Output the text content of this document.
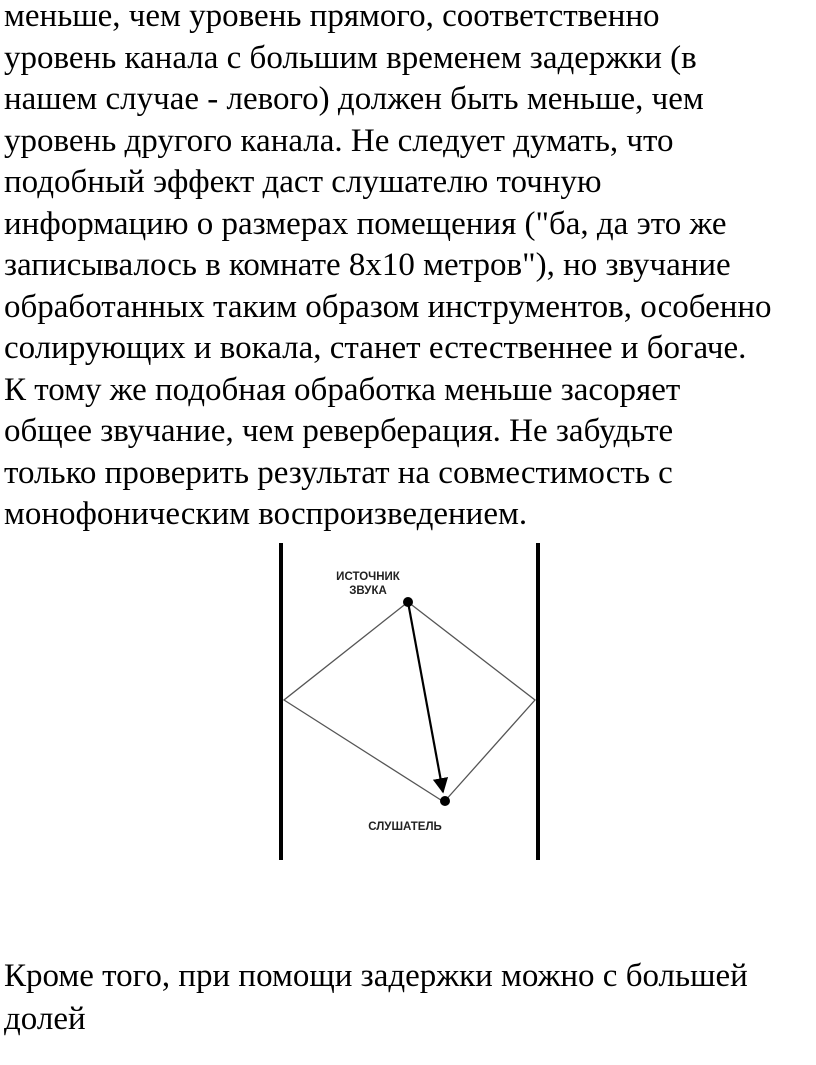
меньше, чем уровень прямого, соответственно
уровень канала с большим временем задержки (в
нашем случае - левого) должен быть меньше, чем
уровень другого канала. Не следует думать, что
подобный эффект даст слушателю точную
информацию о размерах помещения ("ба, да это же
записывалось в комнате 8х10 метров"), но звучание
обработанных таким образом инструментов, особенно
солирующих и вокала, станет естественнее и богаче.
К тому же подобная обработка меньше засоряет
общее звучание, чем реверберация. Не забудьте
только проверить результат на совместимость с
монофоническим воспроизведением.
ИСТОЧНИК
ЗВУКА
СЛУШАТЕЛЬ
Кроме того, при помощи задержки можно с большей
долей
